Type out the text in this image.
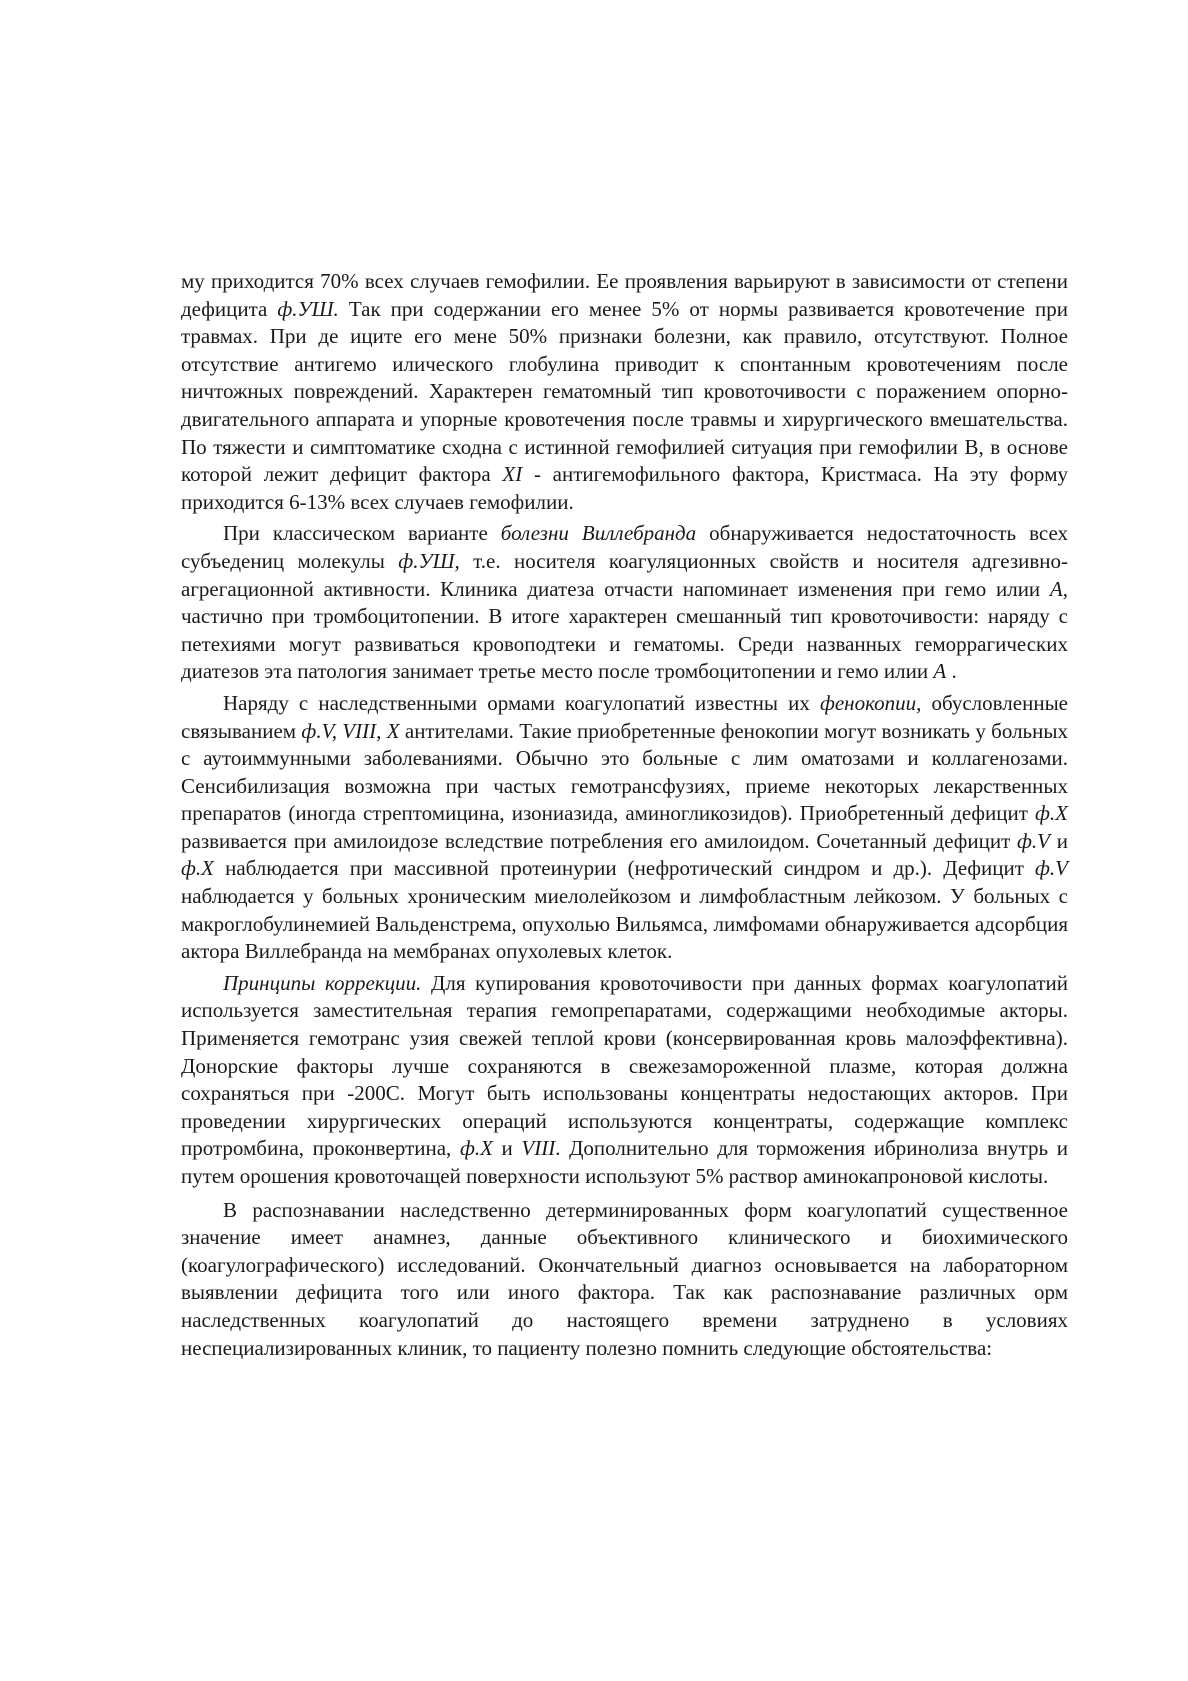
му приходится 70% всех случаев гемофилии. Ее проявления варьируют в зависимости от степени дефицита ф.УШ. Так при содержании его менее 5% от нормы развивается кровотечение при травмах. При де иците его мене 50% признаки болезни, как правило, отсутствуют. Полное отсутствие антигемо илического глобулина приводит к спонтанным кровотечениям после ничтожных повреждений. Характерен гематомный тип кровоточивости с поражением опорно-двигательного аппарата и упорные кровотечения после травмы и хирургического вмешательства. По тяжести и симптоматике сходна с истинной гемофилией ситуация при гемофилии В, в основе которой лежит дефицит фактора XI - антигемофильного фактора, Кристмаса. На эту форму приходится 6-13% всех случаев гемофилии.

При классическом варианте болезни Виллебранда обнаруживается недостаточность всех субъедениц молекулы ф.УШ, т.е. носителя коагуляционных свойств и носителя адгезивно-агрегационной активности. Клиника диатеза отчасти напоминает изменения при гемо илии А, частично при тромбоцитопении. В итоге характерен смешанный тип кровоточивости: наряду с петехиями могут развиваться кровоподтеки и гематомы. Среди названных геморрагических диатезов эта патология занимает третье место после тромбоцитопении и гемо илии А .

Наряду с наследственными ормами коагулопатий известны их фенокопии, обусловленные связыванием ф.V, VIII, X антителами. Такие приобретенные фенокопии могут возникать у больных с аутоиммунными заболеваниями. Обычно это больные с лим оматозами и коллагенозами. Сенсибилизация возможна при частых гемотрансфузиях, приеме некоторых лекарственных препаратов (иногда стрептомицина, изониазида, аминогликозидов). Приобретенный дефицит ф.Х развивается при амилоидозе вследствие потребления его амилоидом. Сочетанный дефицит ф.V и ф.Х наблюдается при массивной протеинурии (нефротический синдром и др.). Дефицит ф.V наблюдается у больных хроническим миелолейкозом и лимфобластным лейкозом. У больных с макроглобулинемией Вальденстрема, опухолью Вильямса, лимфомами обнаруживается адсорбция актора Виллебранда на мембранах опухолевых клеток.

Принципы коррекции. Для купирования кровоточивости при данных формах коагулопатий используется заместительная терапия гемопрепаратами, содержащими необходимые акторы. Применяется гемотранс узия свежей теплой крови (консервированная кровь малоэффективна). Донорские факторы лучше сохраняются в свежезамороженной плазме, которая должна сохраняться при -200С. Могут быть использованы концентраты недостающих акторов. При проведении хирургических операций используются концентраты, содержащие комплекс протромбина, проконвертина, ф.Х и VIII. Дополнительно для торможения ибринолиза внутрь и путем орошения кровоточащей поверхности используют 5% раствор аминокапроновой кислоты.

В распознавании наследственно детерминированных форм коагулопатий существенное значение имеет анамнез, данные объективного клинического и биохимического (коагулографического) исследований. Окончательный диагноз основывается на лабораторном выявлении дефицита того или иного фактора. Так как распознавание различных орм наследственных коагулопатий до настоящего времени затруднено в условиях неспециализированных клиник, то пациенту полезно помнить следующие обстоятельства:
